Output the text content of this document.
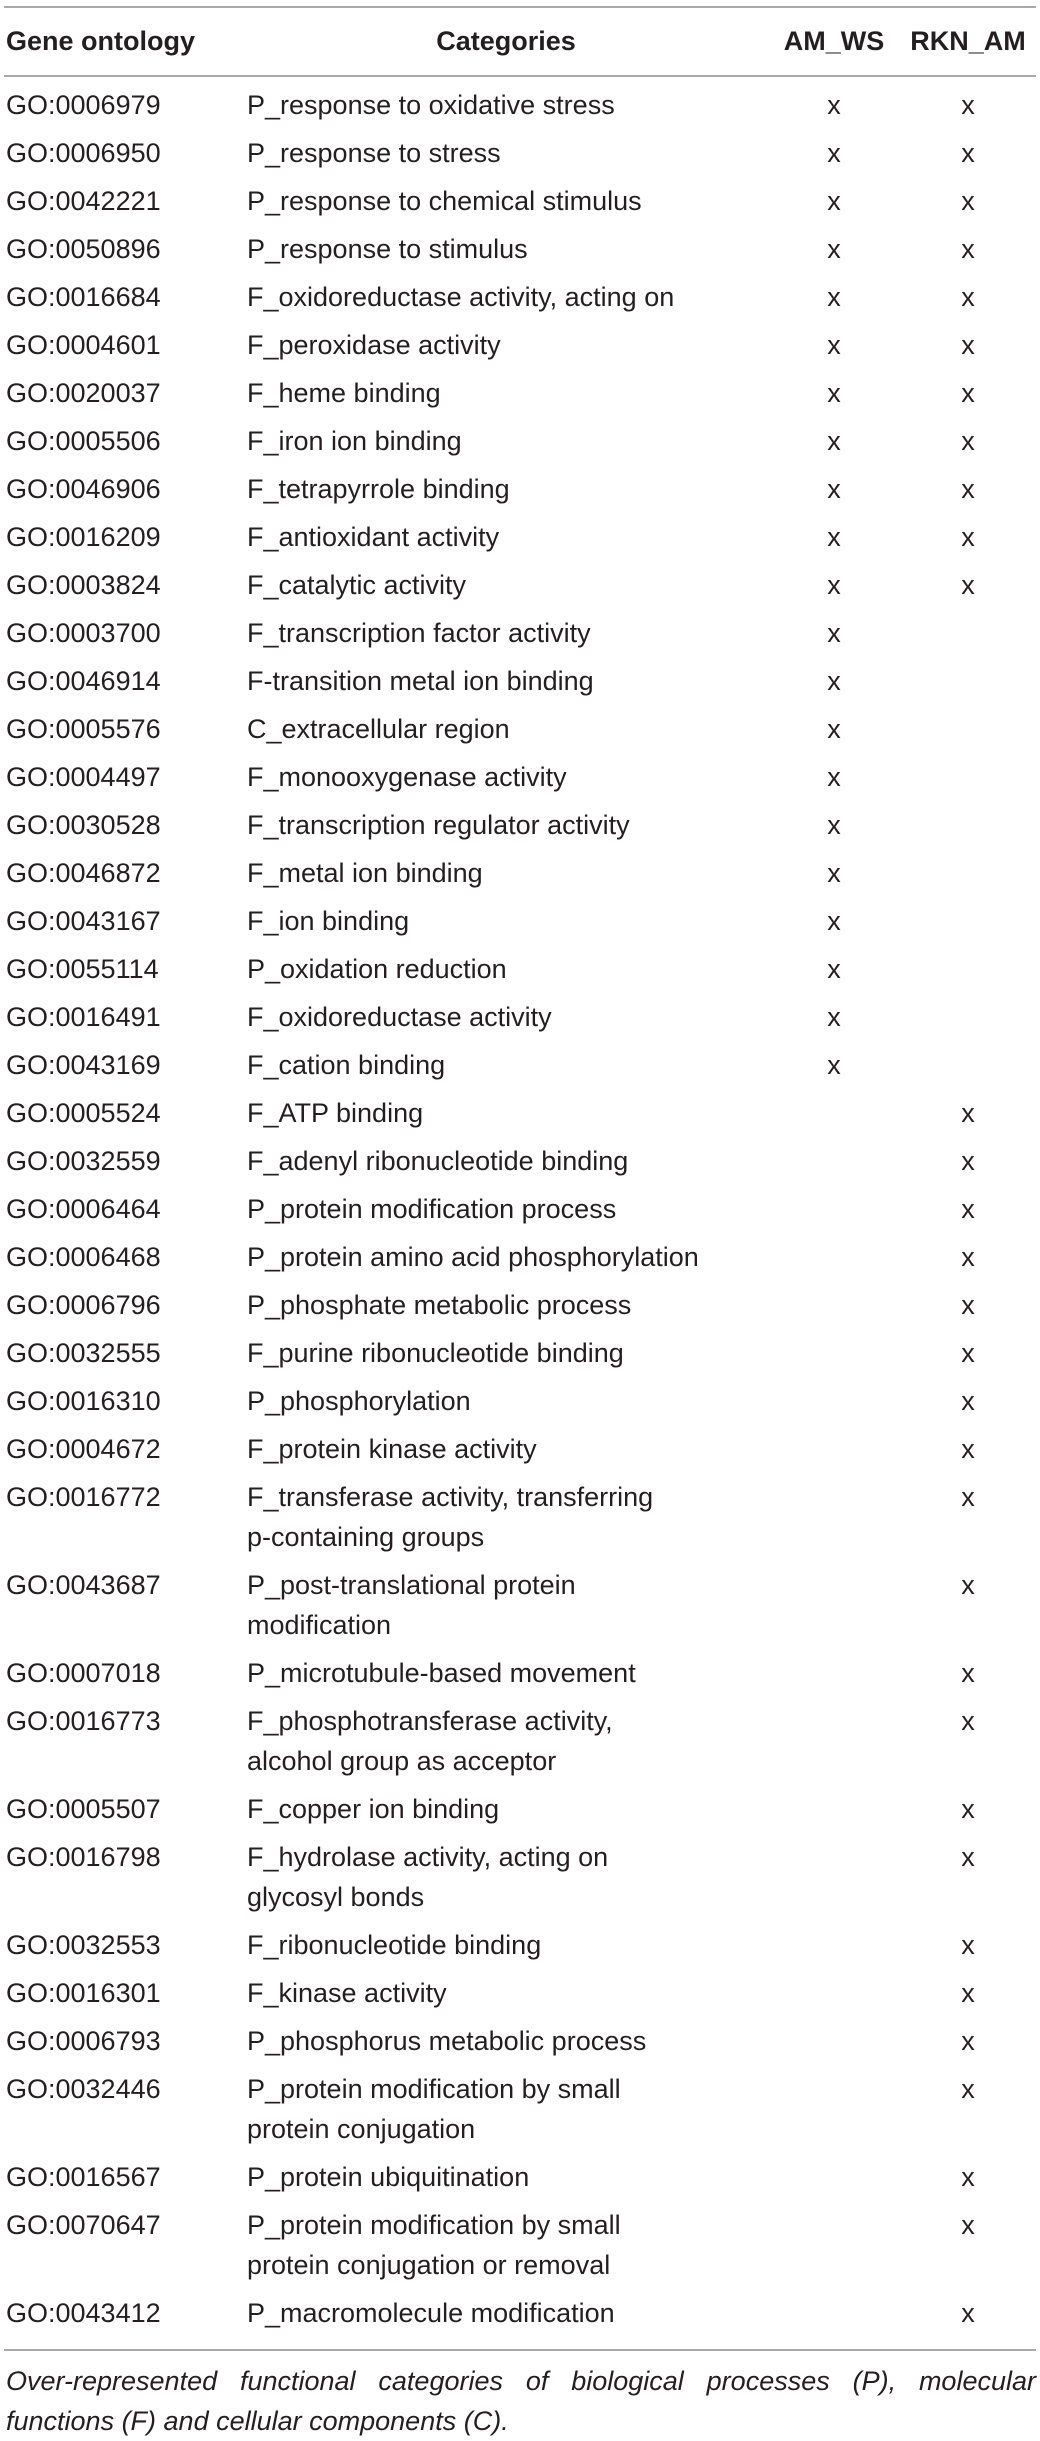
Gene ontology	Categories	AM_WS	RKN_AM
GO:0006979	P_response to oxidative stress	x	x
GO:0006950	P_response to stress	x	x
GO:0042221	P_response to chemical stimulus	x	x
GO:0050896	P_response to stimulus	x	x
GO:0016684	F_oxidoreductase activity, acting on	x	x
GO:0004601	F_peroxidase activity	x	x
GO:0020037	F_heme binding	x	x
GO:0005506	F_iron ion binding	x	x
GO:0046906	F_tetrapyrrole binding	x	x
GO:0016209	F_antioxidant activity	x	x
GO:0003824	F_catalytic activity	x	x
GO:0003700	F_transcription factor activity	x	
GO:0046914	F-transition metal ion binding	x	
GO:0005576	C_extracellular region	x	
GO:0004497	F_monooxygenase activity	x	
GO:0030528	F_transcription regulator activity	x	
GO:0046872	F_metal ion binding	x	
GO:0043167	F_ion binding	x	
GO:0055114	P_oxidation reduction	x	
GO:0016491	F_oxidoreductase activity	x	
GO:0043169	F_cation binding	x	
GO:0005524	F_ATP binding		x
GO:0032559	F_adenyl ribonucleotide binding		x
GO:0006464	P_protein modification process		x
GO:0006468	P_protein amino acid phosphorylation		x
GO:0006796	P_phosphate metabolic process		x
GO:0032555	F_purine ribonucleotide binding		x
GO:0016310	P_phosphorylation		x
GO:0004672	F_protein kinase activity		x
GO:0016772	F_transferase activity, transferring
p-containing groups		x
GO:0043687	P_post-translational protein
modification		x
GO:0007018	P_microtubule-based movement		x
GO:0016773	F_phosphotransferase activity,
alcohol group as acceptor		x
GO:0005507	F_copper ion binding		x
GO:0016798	F_hydrolase activity, acting on
glycosyl bonds		x
GO:0032553	F_ribonucleotide binding		x
GO:0016301	F_kinase activity		x
GO:0006793	P_phosphorus metabolic process		x
GO:0032446	P_protein modification by small
protein conjugation		x
GO:0016567	P_protein ubiquitination		x
GO:0070647	P_protein modification by small
protein conjugation or removal		x
GO:0043412	P_macromolecule modification		x
Over-represented functional categories of biological processes (P), molecular functions (F) and cellular components (C).
